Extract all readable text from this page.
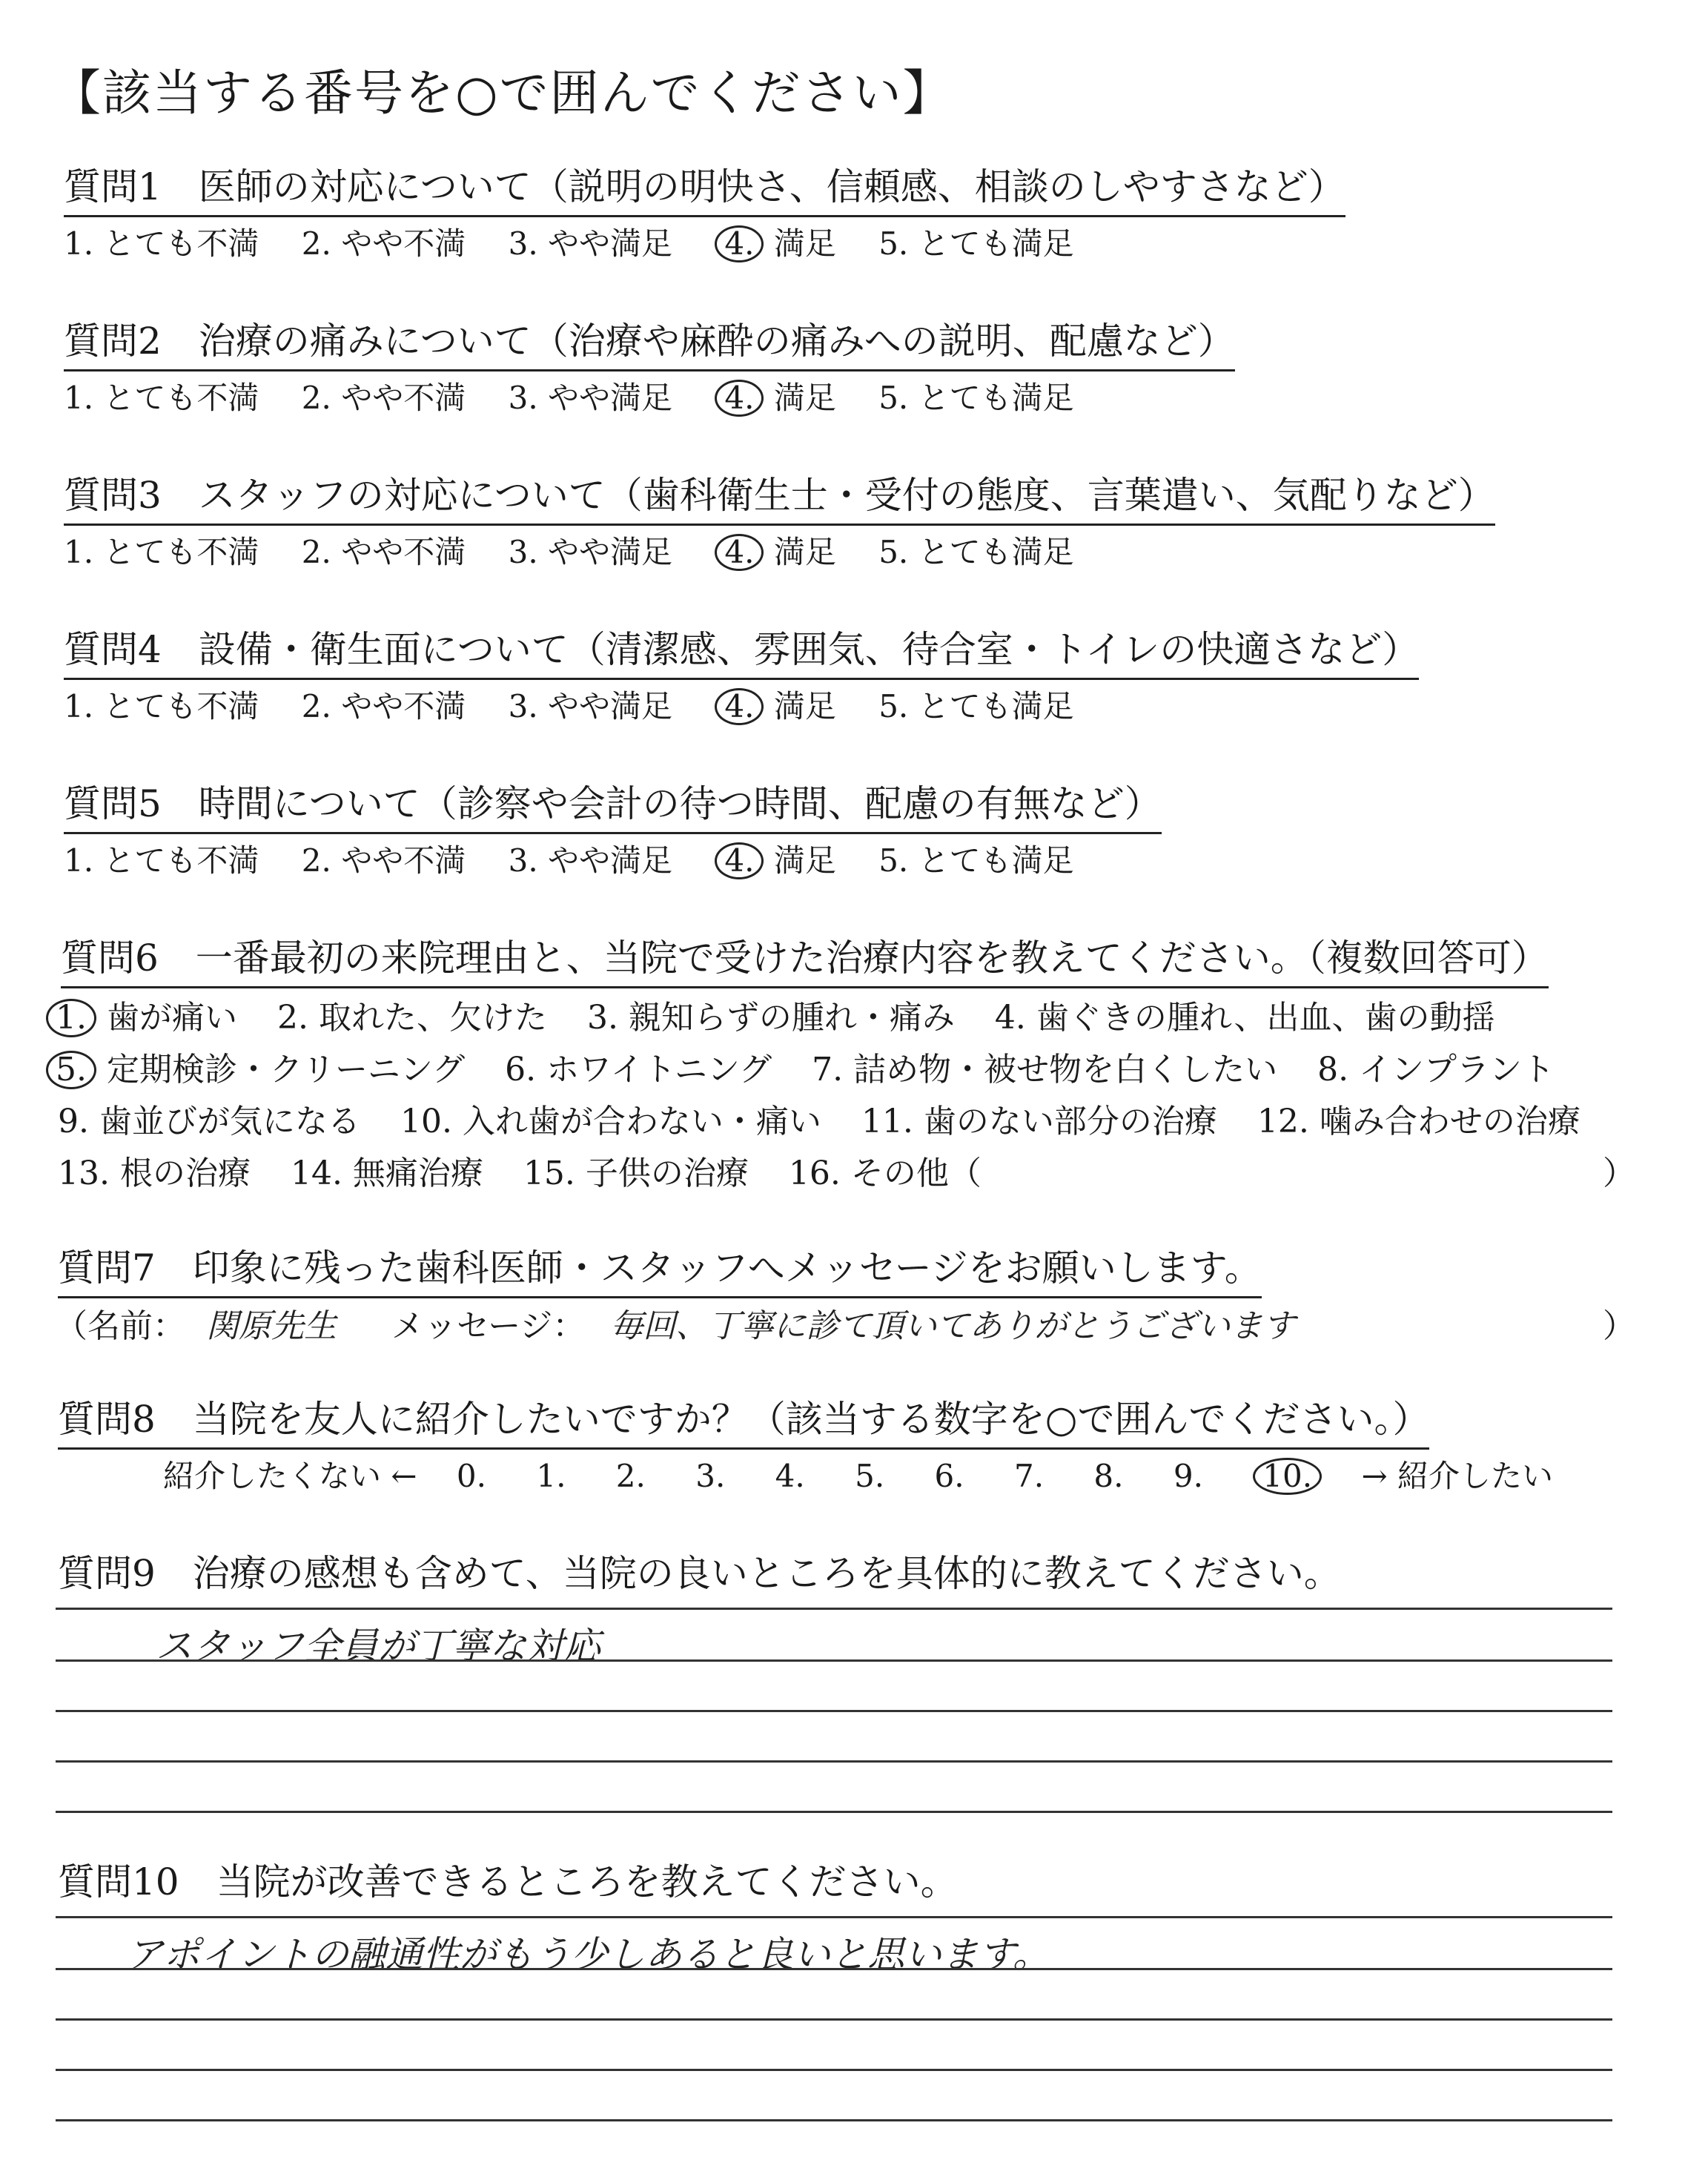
【該当する番号を○で囲んでください】
質問1　医師の対応について（説明の明快さ、信頼感、相談のしやすさなど）
1. とても不満 2. やや不満 3. やや満足 4. 満足 5. とても満足
質問2　治療の痛みについて（治療や麻酔の痛みへの説明、配慮など）
1. とても不満 2. やや不満 3. やや満足 4. 満足 5. とても満足
質問3　スタッフの対応について（歯科衛生士・受付の態度、言葉遣い、気配りなど）
1. とても不満 2. やや不満 3. やや満足 4. 満足 5. とても満足
質問4　設備・衛生面について（清潔感、雰囲気、待合室・トイレの快適さなど）
1. とても不満 2. やや不満 3. やや満足 4. 満足 5. とても満足
質問5　時間について（診察や会計の待つ時間、配慮の有無など）
1. とても不満 2. やや不満 3. やや満足 4. 満足 5. とても満足
質問6　一番最初の来院理由と、当院で受けた治療内容を教えてください。（複数回答可）
1. 歯が痛い 2. 取れた、欠けた 3. 親知らずの腫れ・痛み 4. 歯ぐきの腫れ、出血、歯の動揺
5. 定期検診・クリーニング 6. ホワイトニング 7. 詰め物・被せ物を白くしたい 8. インプラント
9. 歯並びが気になる 10. 入れ歯が合わない・痛い 11. 歯のない部分の治療 12. 噛み合わせの治療
13. 根の治療 14. 無痛治療 15. 子供の治療 16. その他（	）
質問7　印象に残った歯科医師・スタッフへメッセージをお願いします。
（名前： 関原先生 メッセージ： 毎回、丁寧に診て頂いてありがとうございます	）
質問8　当院を友人に紹介したいですか？（該当する数字を○で囲んでください。）
紹介したくない ← 0. 1. 2. 3. 4. 5. 6. 7. 8. 9. 10. → 紹介したい
質問9　治療の感想も含めて、当院の良いところを具体的に教えてください。
スタッフ全員が丁寧な対応
質問10　当院が改善できるところを教えてください。
アポイントの融通性がもう少しあると良いと思います。
